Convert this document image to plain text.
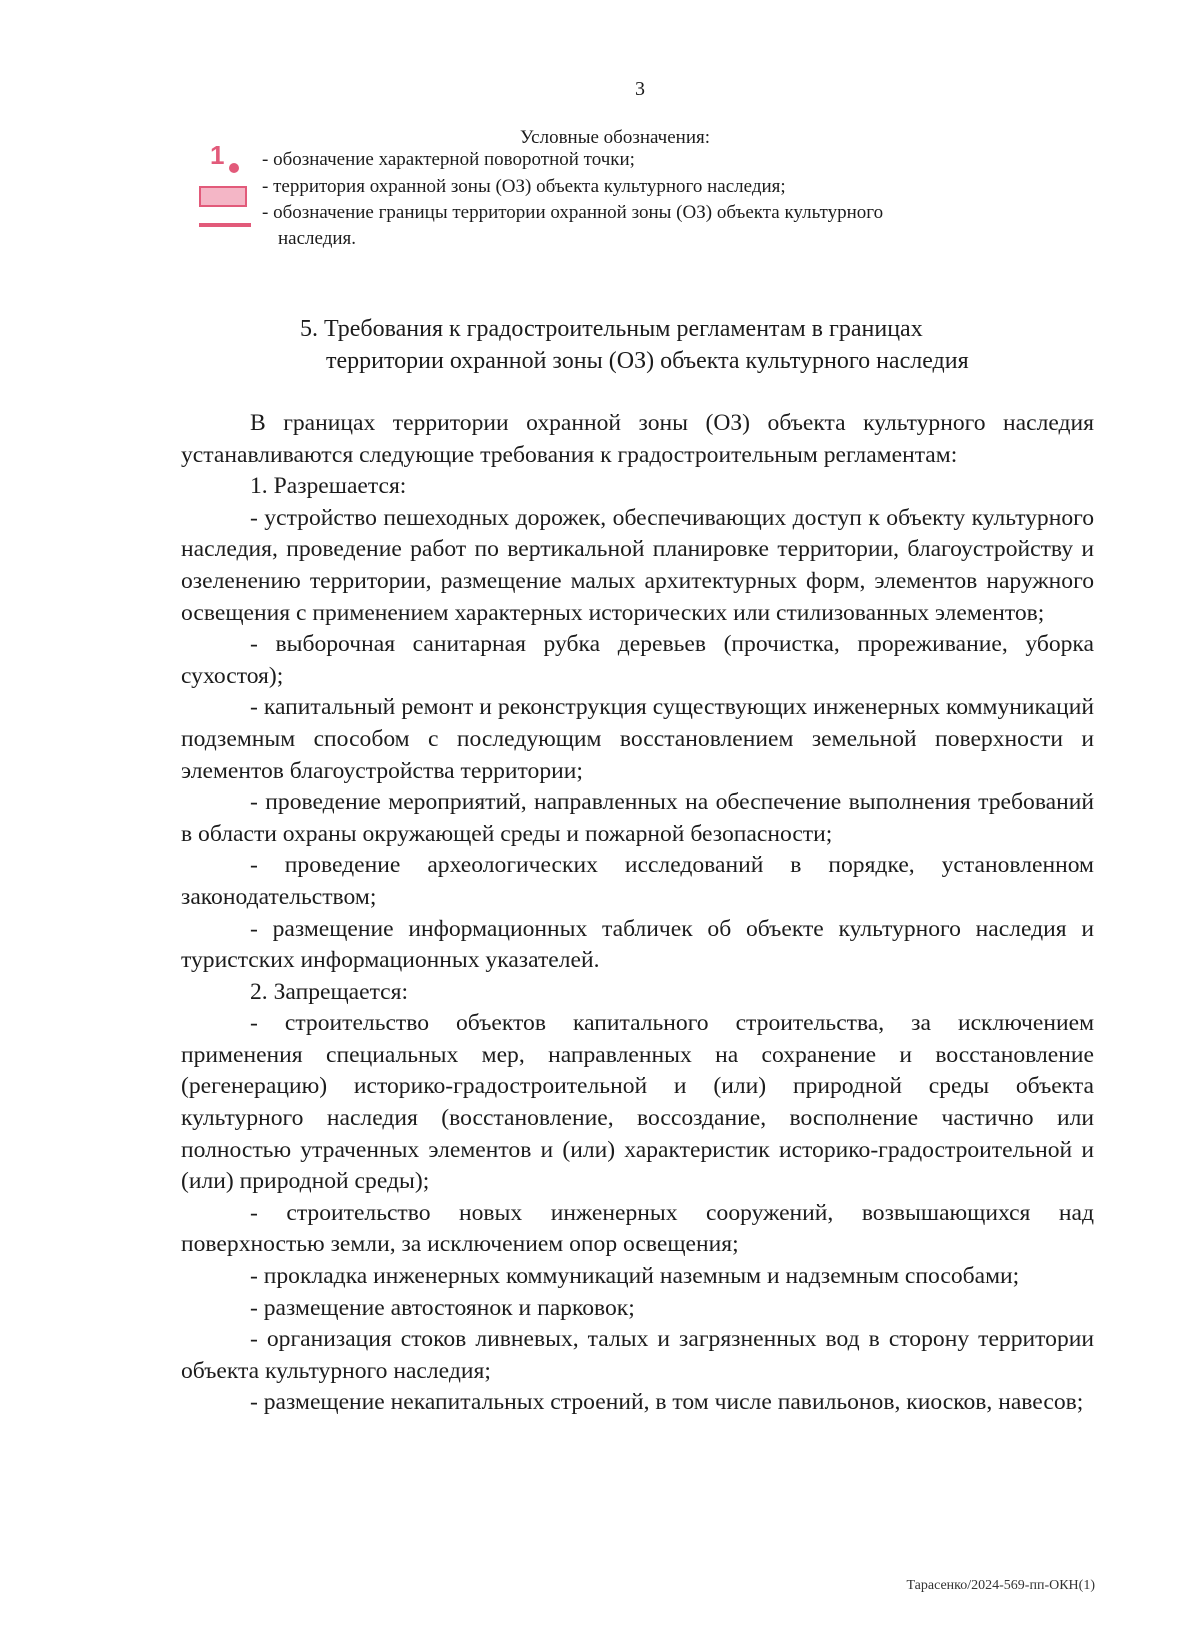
3
Условные обозначения:
1 - обозначение характерной поворотной точки;
- территория охранной зоны (ОЗ) объекта культурного наследия;
- обозначение границы территории охранной зоны (ОЗ) объекта культурного
наследия.
5. Требования к градостроительным регламентам в границах
территории охранной зоны (ОЗ) объекта культурного наследия

В границах территории охранной зоны (ОЗ) объекта культурного наследия устанавливаются следующие требования к градостроительным регламентам:

1. Разрешается:

- устройство пешеходных дорожек, обеспечивающих доступ к объекту культурного наследия, проведение работ по вертикальной планировке территории, благоустройству и озеленению территории, размещение малых архитектурных форм, элементов наружного освещения с применением характерных исторических или стилизованных элементов;

- выборочная санитарная рубка деревьев (прочистка, прореживание, уборка сухостоя);

- капитальный ремонт и реконструкция существующих инженерных коммуникаций подземным способом с последующим восстановлением земельной поверхности и элементов благоустройства территории;

- проведение мероприятий, направленных на обеспечение выполнения требований в области охраны окружающей среды и пожарной безопасности;

- проведение археологических исследований в порядке, установленном законодательством;

- размещение информационных табличек об объекте культурного наследия и туристских информационных указателей.

2. Запрещается:

- строительство объектов капитального строительства, за исключением применения специальных мер, направленных на сохранение и восстановление (регенерацию) историко-градостроительной и (или) природной среды объекта культурного наследия (восстановление, воссоздание, восполнение частично или полностью утраченных элементов и (или) характеристик историко-градостроительной и (или) природной среды);

- строительство новых инженерных сооружений, возвышающихся над поверхностью земли, за исключением опор освещения;

- прокладка инженерных коммуникаций наземным и надземным способами;

- размещение автостоянок и парковок;

- организация стоков ливневых, талых и загрязненных вод в сторону территории объекта культурного наследия;

- размещение некапитальных строений, в том числе павильонов, киосков, навесов;

Тарасенко/2024-569-пп-ОКН(1)
